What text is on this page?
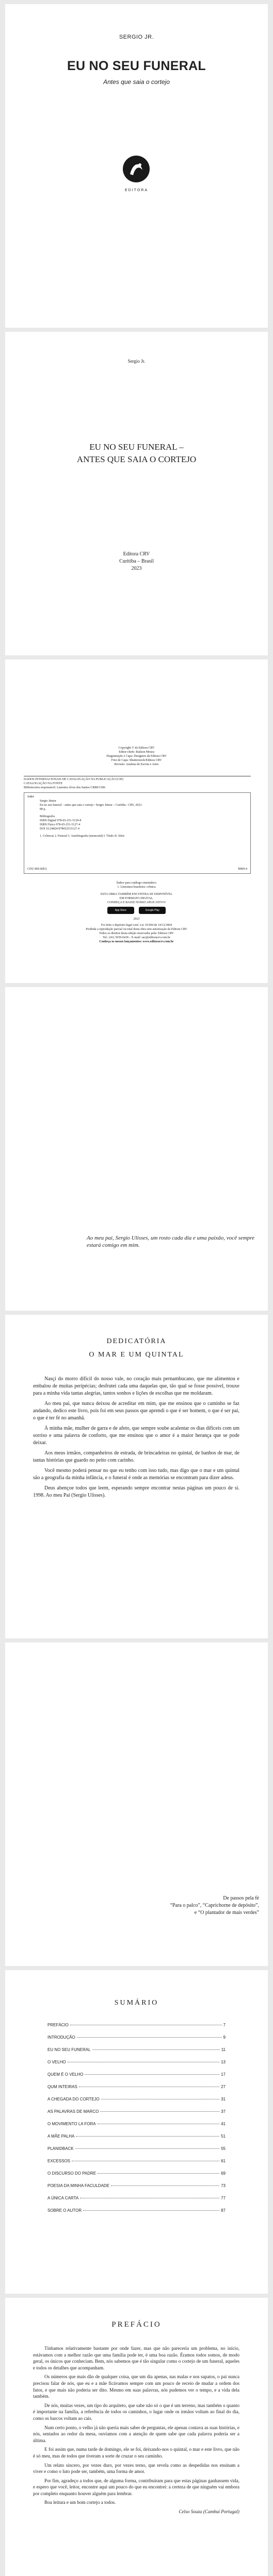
SERGIO JR.
EU NO SEU FUNERAL
Antes que saia o cortejo
EDITORA
Sergio Jr.
EU NO SEU FUNERAL –
ANTES QUE SAIA O CORTEJO
Editora CRV
Curitiba – Brasil
2023
Copyright © da Editora CRV
Editor-chefe: Railson Moura
Diagramação e Capa: Designers da Editora CRV
Foto de Capa: Shutterstock/Editora CRV
Revisão: Analista de Escrita e Artes
DADOS INTERNACIONAIS DE CATALOGAÇÃO NA PUBLICAÇÃO (CIP)
CATALOGAÇÃO NA FONTE
Bibliotecária responsável: Luzenira Alves dos Santos CRB9/1506
S484
Sergio Júnior
Eu no seu funeral – antes que saia o cortejo / Sergio Júnior – Curitiba : CRV, 2023.
88 p.
Bibliografia
ISBN Digital 978-65-251-5129-8
ISBN Físico 978-65-251-5127-4
DOI 10.24824/978652515127.4
1. Crônicas 2. Funeral 3. Autobiografia (memorial) I. Título II. Série
CDU 869.0(81)	B869.4
Índice para catálogo sistemático
1. Literatura brasileira: crônica
ESTA OBRA TAMBÉM ENCONTRA-SE DISPONÍVEL
EM FORMATO DIGITAL.
CONHEÇA E BAIXE NOSSO APLICATIVO!
App Store	Google Play
2023
Foi feito o depósito legal conf. Lei 10.994 de 14/12/2004
Proibida a reprodução parcial ou total desta obra sem autorização da Editora CRV
Todos os direitos desta edição reservados pela: Editora CRV
Tel.: (41) 3039-6418 – E-mail: sac@editoracrv.com.br
Conheça os nossos lançamentos: www.editoracrv.com.br
Ao meu pai, Sergio Ulisses, um rosto cada dia e uma paixão, você sempre estará comigo em mim.
DEDICATÓRIA
O MAR E UM QUINTAL

Nasçi do morro difícil do nosso vale, no coração mais pernambucano, que me alimentou e embalou de muitas peripécias; desfrutei cada uma daquelas que, tão qual se fosse possível, trouxe para a minha vida tantas alegrias, tantos sonhos e lições de escolhas que me moldaram.

Ao meu pai, que nunca deixou de acreditar em mim, que me ensinou que o caminho se faz andando, dedico este livro, pois foi em seus passos que aprendi o que é ser homem, o que é ser pai, o que é ter fé no amanhã.

À minha mãe, mulher de garra e de afeto, que sempre soube acalentar os dias difíceis com um sorriso e uma palavra de conforto, que me ensinou que o amor é a maior herança que se pode deixar.

Aos meus irmãos, companheiros de estrada, de brincadeiras no quintal, de banhos de mar, de tantas histórias que guardo no peito com carinho.

Você mesmo poderá pensar no que eu tenho com isso tudo, mas digo que o mar e um quintal são a geografia da minha infância, e o funeral é onde as memórias se encontram para dizer adeus.

Deus abençoe todos que leem, esperando sempre encontrar nestas páginas um pouco de si. 1998. Ao meu Pai (Sergio Ulisses).

De passos pela fé
“Para o palco”, “Caprichorne de depósito”,
e “O plantador de mais verdes”
SUMÁRIO
PREFÁCIO	7
INTRODUÇÃO	9
EU NO SEU FUNERAL	11
O VELHO	13
QUEM É O VELHO	17
QUM INTEIRAS	27
A CHEGADA DO CORTEJO	31
AS PALAVRAS DE MARCO	37
O MOVIMENTO LA FORA	41
A MÃE PALHA	51
PLANIDBACK	55
EXCESSOS	61
O DISCURSO DO PADRE	69
POESIA DA MINHA FACULDADE	73
A ÚNICA CARTA	77
SOBRE O AUTOR	87
PREFÁCIO

Tínhamos relativamente bastante por onde fazer, mas que não pareceria um problema, no início, estávamos com a melhor razão que uma família pode ter, é uma boa razão. Éramos todos somos, de modo geral, os únicos que conheciam. Bem, nós sabemos que é tão singular como o cortejo de um funeral, aqueles e todos os detalhes que acompanham.

Os números que mais dão de qualquer coisa, que um dia apenas, nas malas e nos sapatos, o pai nunca precisou falar de nós, que eu e a mãe ficávamos sempre com um pouco de receio de mudar a ordem dos fatos, e que mais não poderia ser dito. Mesmo em suas palavras, nós pudemos ver o tempo, e a vida dela também.

De nós, muitas vezes, um tipo do arquiteto, que sabe não só o que é um terreno, mas também o quanto é importante na família, a referência de todos os caminhos, o lugar onde os irmãos voltam ao final do dia, como os barcos voltam ao cais.

Num certo ponto, o velho já não queria mais saber de perguntas, ele apenas contava as suas histórias, e nós, sentados ao redor da mesa, ouvíamos com a atenção de quem sabe que cada palavra poderia ser a última.

E foi assim que, numa tarde de domingo, ele se foi, deixando-nos o quintal, o mar e este livro, que não é só meu, mas de todos que tiveram a sorte de cruzar o seu caminho.

Um relato sincero, por vezes duro, por vezes terno, que revela como as despedidas nos ensinam a viver e como o luto pode ser, também, uma forma de amor.

Por fim, agradeço a todos que, de alguma forma, contribuíram para que estas páginas ganhassem vida, e espero que você, leitor, encontre aqui um pouco do que eu encontrei: a certeza de que ninguém vai embora por completo enquanto houver alguém para lembrar.

Boa leitura e um bom cortejo a todos.

Celso Souza (Cambuí Portugal)
